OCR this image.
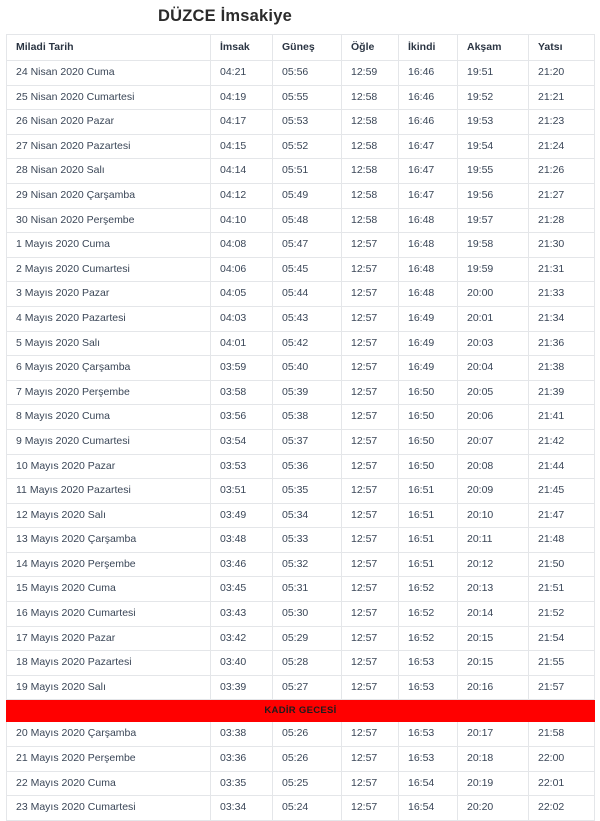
DÜZCE İmsakiye
Miladi Tarih	İmsak	Güneş	Öğle	İkindi	Akşam	Yatsı
24 Nisan 2020 Cuma	04:21	05:56	12:59	16:46	19:51	21:20
25 Nisan 2020 Cumartesi	04:19	05:55	12:58	16:46	19:52	21:21
26 Nisan 2020 Pazar	04:17	05:53	12:58	16:46	19:53	21:23
27 Nisan 2020 Pazartesi	04:15	05:52	12:58	16:47	19:54	21:24
28 Nisan 2020 Salı	04:14	05:51	12:58	16:47	19:55	21:26
29 Nisan 2020 Çarşamba	04:12	05:49	12:58	16:47	19:56	21:27
30 Nisan 2020 Perşembe	04:10	05:48	12:58	16:48	19:57	21:28
1 Mayıs 2020 Cuma	04:08	05:47	12:57	16:48	19:58	21:30
2 Mayıs 2020 Cumartesi	04:06	05:45	12:57	16:48	19:59	21:31
3 Mayıs 2020 Pazar	04:05	05:44	12:57	16:48	20:00	21:33
4 Mayıs 2020 Pazartesi	04:03	05:43	12:57	16:49	20:01	21:34
5 Mayıs 2020 Salı	04:01	05:42	12:57	16:49	20:03	21:36
6 Mayıs 2020 Çarşamba	03:59	05:40	12:57	16:49	20:04	21:38
7 Mayıs 2020 Perşembe	03:58	05:39	12:57	16:50	20:05	21:39
8 Mayıs 2020 Cuma	03:56	05:38	12:57	16:50	20:06	21:41
9 Mayıs 2020 Cumartesi	03:54	05:37	12:57	16:50	20:07	21:42
10 Mayıs 2020 Pazar	03:53	05:36	12:57	16:50	20:08	21:44
11 Mayıs 2020 Pazartesi	03:51	05:35	12:57	16:51	20:09	21:45
12 Mayıs 2020 Salı	03:49	05:34	12:57	16:51	20:10	21:47
13 Mayıs 2020 Çarşamba	03:48	05:33	12:57	16:51	20:11	21:48
14 Mayıs 2020 Perşembe	03:46	05:32	12:57	16:51	20:12	21:50
15 Mayıs 2020 Cuma	03:45	05:31	12:57	16:52	20:13	21:51
16 Mayıs 2020 Cumartesi	03:43	05:30	12:57	16:52	20:14	21:52
17 Mayıs 2020 Pazar	03:42	05:29	12:57	16:52	20:15	21:54
18 Mayıs 2020 Pazartesi	03:40	05:28	12:57	16:53	20:15	21:55
19 Mayıs 2020 Salı	03:39	05:27	12:57	16:53	20:16	21:57
KADİR GECESİ						
20 Mayıs 2020 Çarşamba	03:38	05:26	12:57	16:53	20:17	21:58
21 Mayıs 2020 Perşembe	03:36	05:26	12:57	16:53	20:18	22:00
22 Mayıs 2020 Cuma	03:35	05:25	12:57	16:54	20:19	22:01
23 Mayıs 2020 Cumartesi	03:34	05:24	12:57	16:54	20:20	22:02
